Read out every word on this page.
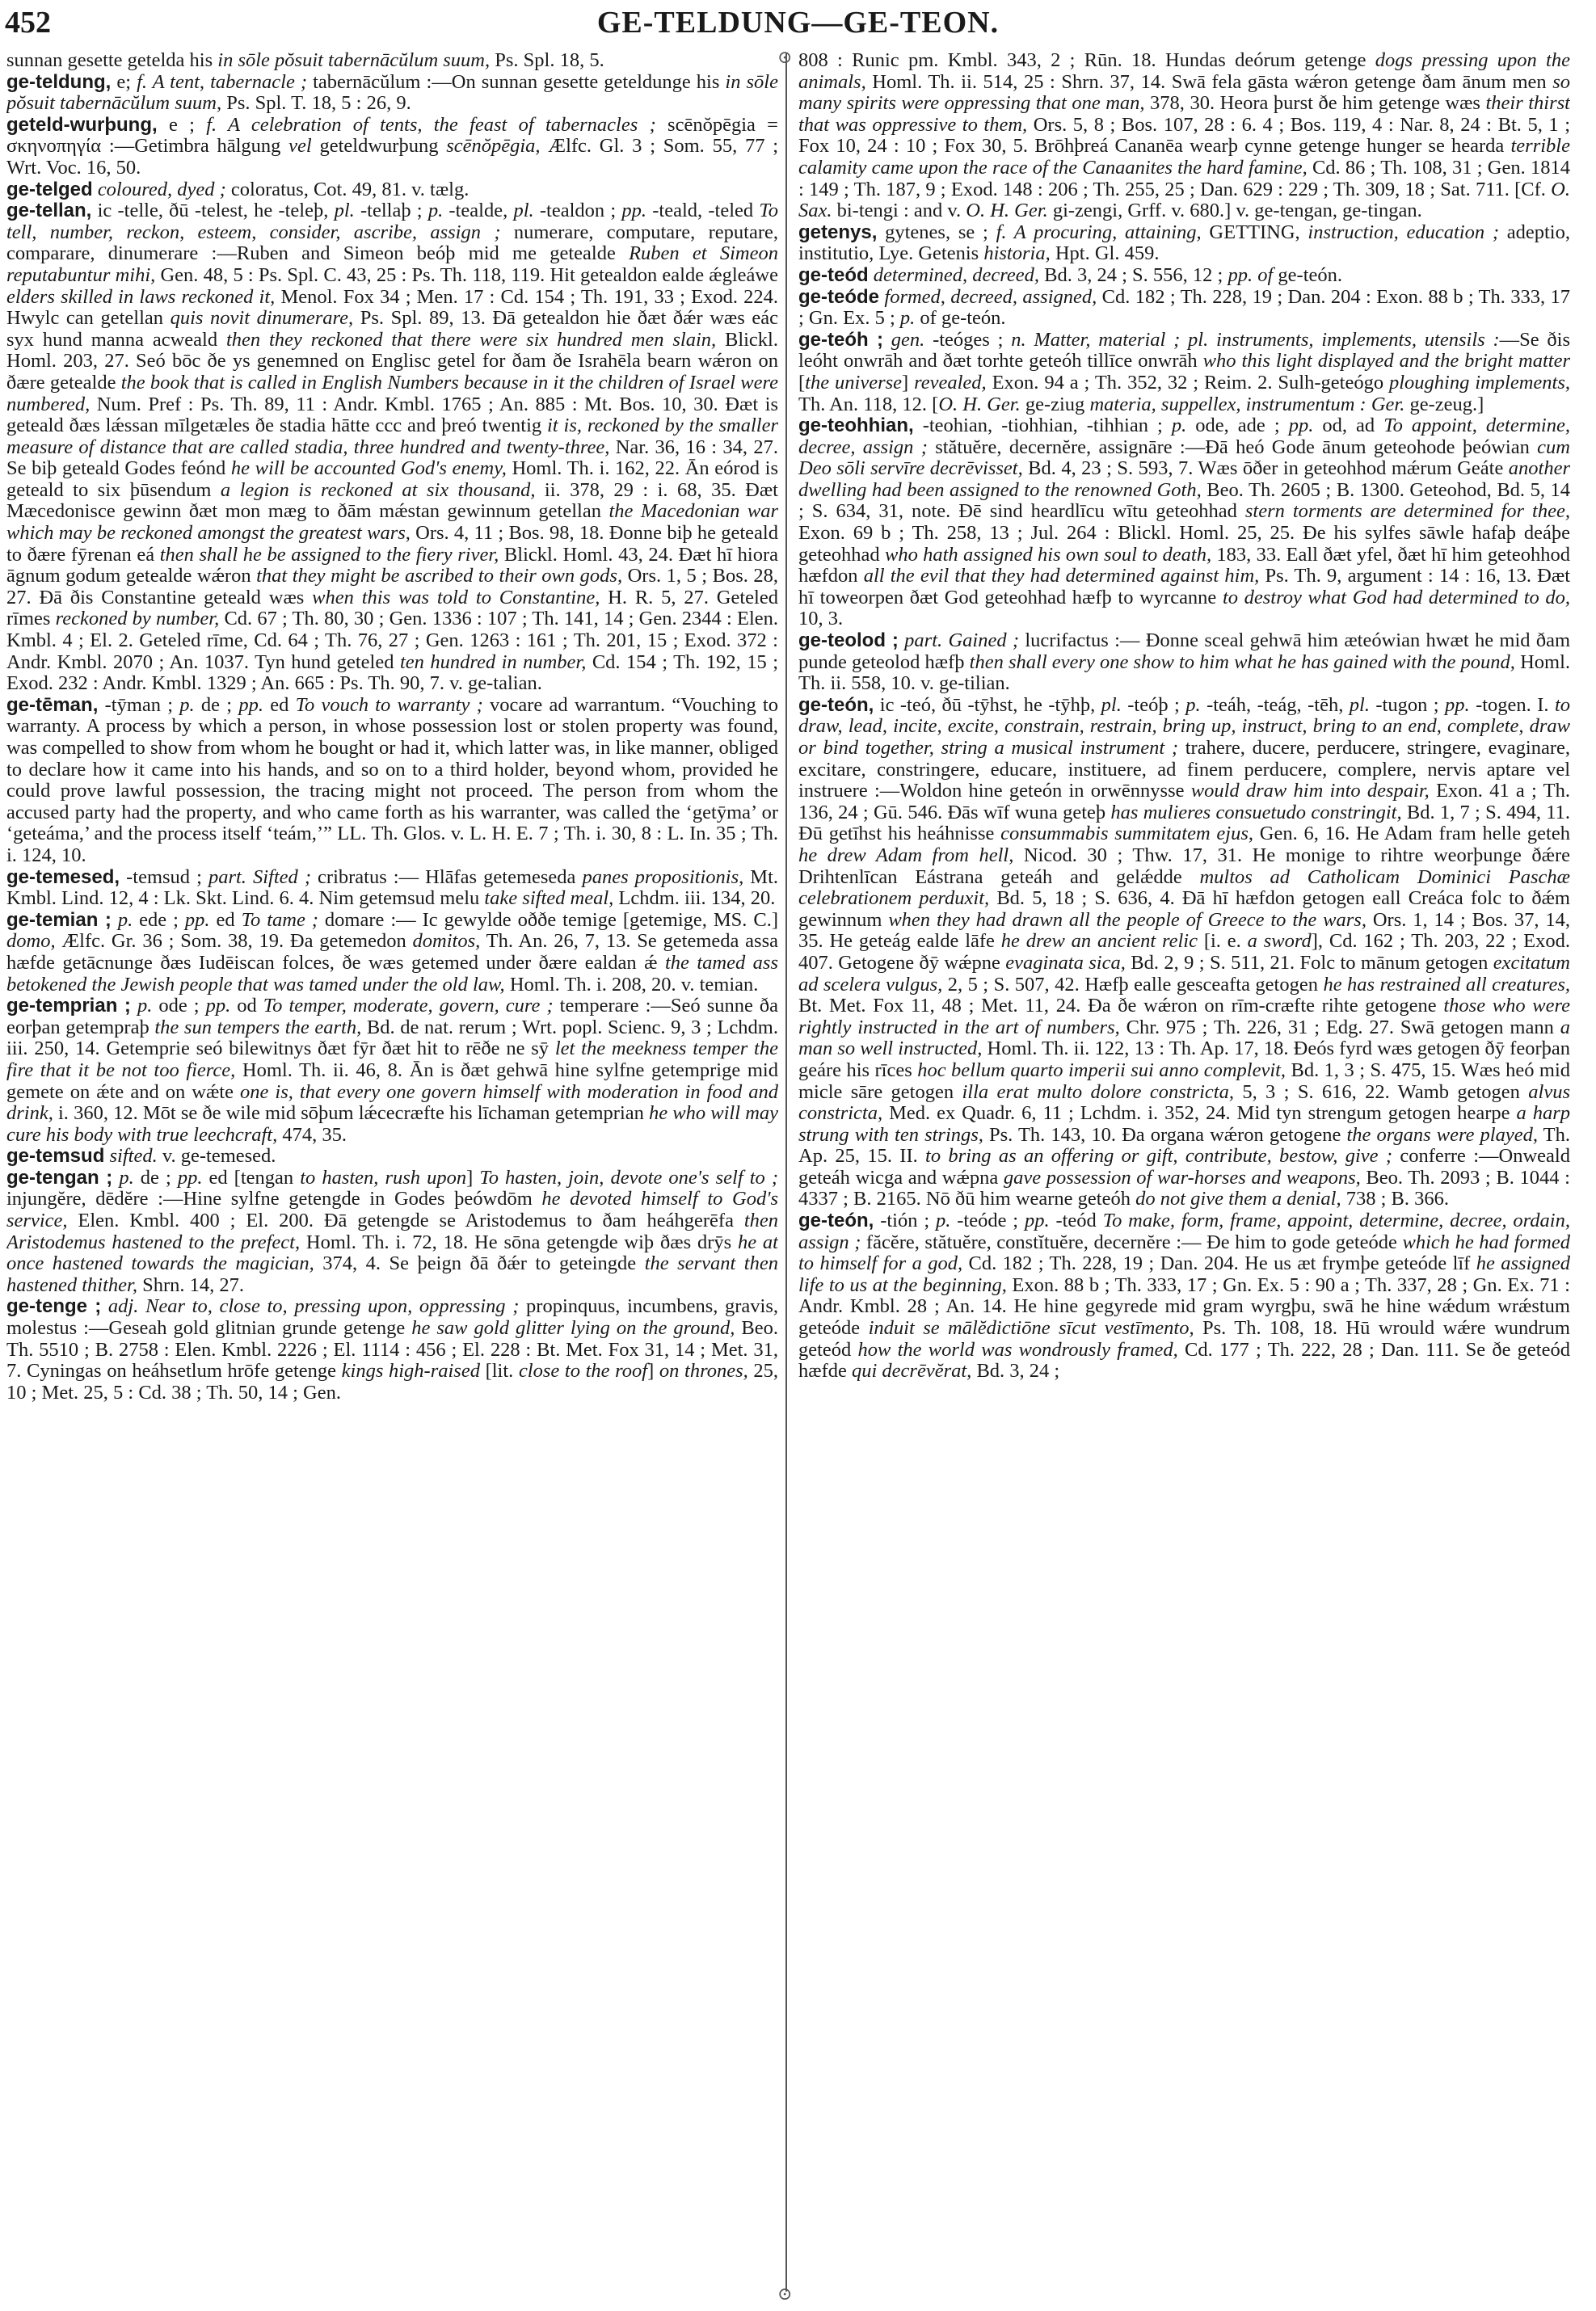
452	GE-TELDUNG—GE-TEON.

sunnan gesette getelda his in sōle pŏsuit tabernācŭlum suum, Ps. Spl. 18, 5.

ge-teldung, e; f. A tent, tabernacle ; tabernācŭlum :—On sunnan gesette geteldunge his in sōle pŏsuit tabernācŭlum suum, Ps. Spl. T. 18, 5 : 26, 9.

geteld-wurþung, e ; f. A celebration of tents, the feast of tabernacles ; scēnŏpēgia = σκηνοπηγία :—Getimbra hālgung vel geteldwurþung scēnŏpēgia, Ælfc. Gl. 3 ; Som. 55, 77 ; Wrt. Voc. 16, 50.

ge-telged coloured, dyed ; coloratus, Cot. 49, 81. v. tælg.

ge-tellan, ic -telle, ðū -telest, he -teleþ, pl. -tellaþ ; p. -tealde, pl. -tealdon ; pp. -teald, -teled To tell, number, reckon, esteem, consider, ascribe, assign ; numerare, computare, reputare, comparare, dinumerare :—Ruben and Simeon beóþ mid me getealde Ruben et Simeon reputabuntur mihi, Gen. 48, 5 : Ps. Spl. C. 43, 25 : Ps. Th. 118, 119. Hit getealdon ealde ǽgleáwe elders skilled in laws reckoned it, Menol. Fox 34 ; Men. 17 : Cd. 154 ; Th. 191, 33 ; Exod. 224. Hwylc can getellan quis novit dinumerare, Ps. Spl. 89, 13. Ðā getealdon hie ðæt ðǽr wæs eác syx hund manna acweald then they reckoned that there were six hundred men slain, Blickl. Homl. 203, 27. Seó bōc ðe ys genemned on Englisc getel for ðam ðe Israhēla bearn wǽron on ðære getealde the book that is called in English Numbers because in it the children of Israel were numbered, Num. Pref : Ps. Th. 89, 11 : Andr. Kmbl. 1765 ; An. 885 : Mt. Bos. 10, 30. Ðæt is geteald ðæs lǽssan mīlgetæles ðe stadia hātte ccc and þreó twentig it is, reckoned by the smaller measure of distance that are called stadia, three hundred and twenty-three, Nar. 36, 16 : 34, 27. Se biþ geteald Godes feónd he will be accounted God's enemy, Homl. Th. i. 162, 22. Ān eórod is geteald to six þūsendum a legion is reckoned at six thousand, ii. 378, 29 : i. 68, 35. Ðæt Mæcedonisce gewinn ðæt mon mæg to ðām mǽstan gewinnum getellan the Macedonian war which may be reckoned amongst the greatest wars, Ors. 4, 11 ; Bos. 98, 18. Ðonne biþ he geteald to ðære fȳrenan eá then shall he be assigned to the fiery river, Blickl. Homl. 43, 24. Ðæt hī hiora āgnum godum getealde wǽron that they might be ascribed to their own gods, Ors. 1, 5 ; Bos. 28, 27. Ðā ðis Constantine geteald wæs when this was told to Constantine, H. R. 5, 27. Geteled rīmes reckoned by number, Cd. 67 ; Th. 80, 30 ; Gen. 1336 : 107 ; Th. 141, 14 ; Gen. 2344 : Elen. Kmbl. 4 ; El. 2. Geteled rīme, Cd. 64 ; Th. 76, 27 ; Gen. 1263 : 161 ; Th. 201, 15 ; Exod. 372 : Andr. Kmbl. 2070 ; An. 1037. Tyn hund geteled ten hundred in number, Cd. 154 ; Th. 192, 15 ; Exod. 232 : Andr. Kmbl. 1329 ; An. 665 : Ps. Th. 90, 7. v. ge-talian.

ge-tēman, -tȳman ; p. de ; pp. ed To vouch to warranty ; vocare ad warrantum. “Vouching to warranty. A process by which a person, in whose possession lost or stolen property was found, was compelled to show from whom he bought or had it, which latter was, in like manner, obliged to declare how it came into his hands, and so on to a third holder, beyond whom, provided he could prove lawful possession, the tracing might not proceed. The person from whom the accused party had the property, and who came forth as his warranter, was called the ‘getȳma’ or ‘geteáma,’ and the process itself ‘teám,’” LL. Th. Glos. v. L. H. E. 7 ; Th. i. 30, 8 : L. In. 35 ; Th. i. 124, 10.

ge-temesed, -temsud ; part. Sifted ; cribratus :— Hlāfas getemeseda panes propositionis, Mt. Kmbl. Lind. 12, 4 : Lk. Skt. Lind. 6. 4. Nim getemsud melu take sifted meal, Lchdm. iii. 134, 20.

ge-temian ; p. ede ; pp. ed To tame ; domare :— Ic gewylde oððe temige [getemige, MS. C.] domo, Ælfc. Gr. 36 ; Som. 38, 19. Ða getemedon domitos, Th. An. 26, 7, 13. Se getemeda assa hæfde getācnunge ðæs Iudēiscan folces, ðe wæs getemed under ðære ealdan ǽ the tamed ass betokened the Jewish people that was tamed under the old law, Homl. Th. i. 208, 20. v. temian.

ge-temprian ; p. ode ; pp. od To temper, moderate, govern, cure ; temperare :—Seó sunne ða eorþan getempraþ the sun tempers the earth, Bd. de nat. rerum ; Wrt. popl. Scienc. 9, 3 ; Lchdm. iii. 250, 14. Getemprie seó bilewitnys ðæt fȳr ðæt hit to rēðe ne sȳ let the meekness temper the fire that it be not too fierce, Homl. Th. ii. 46, 8. Ān is ðæt gehwā hine sylfne getemprige mid gemete on ǽte and on wǽte one is, that every one govern himself with moderation in food and drink, i. 360, 12. Mōt se ðe wile mid sōþum lǽcecræfte his līchaman getemprian he who will may cure his body with true leechcraft, 474, 35.

ge-temsud sifted. v. ge-temesed.

ge-tengan ; p. de ; pp. ed [tengan to hasten, rush upon] To hasten, join, devote one's self to ; injungĕre, dēdĕre :—Hine sylfne getengde in Godes þeówdōm he devoted himself to God's service, Elen. Kmbl. 400 ; El. 200. Ðā getengde se Aristodemus to ðam heáhgerēfa then Aristodemus hastened to the prefect, Homl. Th. i. 72, 18. He sōna getengde wiþ ðæs drȳs he at once hastened towards the magician, 374, 4. Se þeign ðā ðǽr to geteingde the servant then hastened thither, Shrn. 14, 27.

ge-tenge ; adj. Near to, close to, pressing upon, oppressing ; propinquus, incumbens, gravis, molestus :—Geseah gold glitnian grunde getenge he saw gold glitter lying on the ground, Beo. Th. 5510 ; B. 2758 : Elen. Kmbl. 2226 ; El. 1114 : 456 ; El. 228 : Bt. Met. Fox 31, 14 ; Met. 31, 7. Cyningas on heáhsetlum hrōfe getenge kings high-raised [lit. close to the roof] on thrones, 25, 10 ; Met. 25, 5 : Cd. 38 ; Th. 50, 14 ; Gen.

⊙
⊙

808 : Runic pm. Kmbl. 343, 2 ; Rūn. 18. Hundas deórum getenge dogs pressing upon the animals, Homl. Th. ii. 514, 25 : Shrn. 37, 14. Swā fela gāsta wǽron getenge ðam ānum men so many spirits were oppressing that one man, 378, 30. Heora þurst ðe him getenge wæs their thirst that was oppressive to them, Ors. 5, 8 ; Bos. 107, 28 : 6. 4 ; Bos. 119, 4 : Nar. 8, 24 : Bt. 5, 1 ; Fox 10, 24 : 10 ; Fox 30, 5. Brōhþreá Cananēa wearþ cynne getenge hunger se hearda terrible calamity came upon the race of the Canaanites the hard famine, Cd. 86 ; Th. 108, 31 ; Gen. 1814 : 149 ; Th. 187, 9 ; Exod. 148 : 206 ; Th. 255, 25 ; Dan. 629 : 229 ; Th. 309, 18 ; Sat. 711. [Cf. O. Sax. bi-tengi : and v. O. H. Ger. gi-zengi, Grff. v. 680.] v. ge-tengan, ge-tingan.

getenys, gytenes, se ; f. A procuring, attaining, GETTING, instruction, education ; adeptio, institutio, Lye. Getenis historia, Hpt. Gl. 459.

ge-teód determined, decreed, Bd. 3, 24 ; S. 556, 12 ; pp. of ge-teón.

ge-teóde formed, decreed, assigned, Cd. 182 ; Th. 228, 19 ; Dan. 204 : Exon. 88 b ; Th. 333, 17 ; Gn. Ex. 5 ; p. of ge-teón.

ge-teóh ; gen. -teóges ; n. Matter, material ; pl. instruments, implements, utensils :—Se ðis leóht onwrāh and ðæt torhte geteóh tillīce onwrāh who this light displayed and the bright matter [the universe] revealed, Exon. 94 a ; Th. 352, 32 ; Reim. 2. Sulh-geteógo ploughing implements, Th. An. 118, 12. [O. H. Ger. ge-ziug materia, suppellex, instrumentum : Ger. ge-zeug.]

ge-teohhian, -teohian, -tiohhian, -tihhian ; p. ode, ade ; pp. od, ad To appoint, determine, decree, assign ; stătuĕre, decernĕre, assignāre :—Ðā heó Gode ānum geteohode þeówian cum Deo sōli servīre decrēvisset, Bd. 4, 23 ; S. 593, 7. Wæs ōðer in geteohhod mǽrum Geáte another dwelling had been assigned to the renowned Goth, Beo. Th. 2605 ; B. 1300. Geteohod, Bd. 5, 14 ; S. 634, 31, note. Ðē sind heardlīcu wītu geteohhad stern torments are determined for thee, Exon. 69 b ; Th. 258, 13 ; Jul. 264 : Blickl. Homl. 25, 25. Ðe his sylfes sāwle hafaþ deáþe geteohhad who hath assigned his own soul to death, 183, 33. Eall ðæt yfel, ðæt hī him geteohhod hæfdon all the evil that they had determined against him, Ps. Th. 9, argument : 14 : 16, 13. Ðæt hī toweorpen ðæt God geteohhad hæfþ to wyrcanne to destroy what God had determined to do, 10, 3.

ge-teolod ; part. Gained ; lucrifactus :— Ðonne sceal gehwā him æteówian hwæt he mid ðam punde geteolod hæfþ then shall every one show to him what he has gained with the pound, Homl. Th. ii. 558, 10. v. ge-tilian.

ge-teón, ic -teó, ðū -tȳhst, he -tȳhþ, pl. -teóþ ; p. -teáh, -teág, -tēh, pl. -tugon ; pp. -togen. I. to draw, lead, incite, excite, constrain, restrain, bring up, instruct, bring to an end, complete, draw or bind together, string a musical instrument ; trahere, ducere, perducere, stringere, evaginare, excitare, constringere, educare, instituere, ad finem perducere, complere, nervis aptare vel instruere :—Woldon hine geteón in orwēnnysse would draw him into despair, Exon. 41 a ; Th. 136, 24 ; Gū. 546. Ðās wīf wuna geteþ has mulieres consuetudo constringit, Bd. 1, 7 ; S. 494, 11. Ðū getīhst his heáhnisse consummabis summitatem ejus, Gen. 6, 16. He Adam fram helle geteh he drew Adam from hell, Nicod. 30 ; Thw. 17, 31. He monige to rihtre weorþunge ðǽre Drihtenlīcan Eástrana geteáh and gelǽdde multos ad Catholicam Dominici Paschæ celebrationem perduxit, Bd. 5, 18 ; S. 636, 4. Ðā hī hæfdon getogen eall Creáca folc to ðǽm gewinnum when they had drawn all the people of Greece to the wars, Ors. 1, 14 ; Bos. 37, 14, 35. He geteág ealde lāfe he drew an ancient relic [i. e. a sword], Cd. 162 ; Th. 203, 22 ; Exod. 407. Getogene ðȳ wǽpne evaginata sica, Bd. 2, 9 ; S. 511, 21. Folc to mānum getogen excitatum ad scelera vulgus, 2, 5 ; S. 507, 42. Hæfþ ealle gesceafta getogen he has restrained all creatures, Bt. Met. Fox 11, 48 ; Met. 11, 24. Ða ðe wǽron on rīm-cræfte rihte getogene those who were rightly instructed in the art of numbers, Chr. 975 ; Th. 226, 31 ; Edg. 27. Swā getogen mann a man so well instructed, Homl. Th. ii. 122, 13 : Th. Ap. 17, 18. Ðeós fyrd wæs getogen ðȳ feorþan geáre his rīces hoc bellum quarto imperii sui anno complevit, Bd. 1, 3 ; S. 475, 15. Wæs heó mid micle sāre getogen illa erat multo dolore constricta, 5, 3 ; S. 616, 22. Wamb getogen alvus constricta, Med. ex Quadr. 6, 11 ; Lchdm. i. 352, 24. Mid tyn strengum getogen hearpe a harp strung with ten strings, Ps. Th. 143, 10. Ða organa wǽron getogene the organs were played, Th. Ap. 25, 15. II. to bring as an offering or gift, contribute, bestow, give ; conferre :—Onweald geteáh wicga and wǽpna gave possession of war-horses and weapons, Beo. Th. 2093 ; B. 1044 : 4337 ; B. 2165. Nō ðū him wearne geteóh do not give them a denial, 738 ; B. 366.

ge-teón, -tión ; p. -teóde ; pp. -teód To make, form, frame, appoint, determine, decree, ordain, assign ; făcĕre, stătuĕre, constĭtuĕre, decernĕre :— Ðe him to gode geteóde which he had formed to himself for a god, Cd. 182 ; Th. 228, 19 ; Dan. 204. He us æt frymþe geteóde līf he assigned life to us at the beginning, Exon. 88 b ; Th. 333, 17 ; Gn. Ex. 5 : 90 a ; Th. 337, 28 ; Gn. Ex. 71 : Andr. Kmbl. 28 ; An. 14. He hine gegyrede mid gram wyrgþu, swā he hine wǽdum wrǽstum geteóde induit se mālĕdictiōne sīcut vestīmento, Ps. Th. 108, 18. Hū wrould wǽre wundrum geteód how the world was wondrously framed, Cd. 177 ; Th. 222, 28 ; Dan. 111. Se ðe geteód hæfde qui decrēvĕrat, Bd. 3, 24 ;
